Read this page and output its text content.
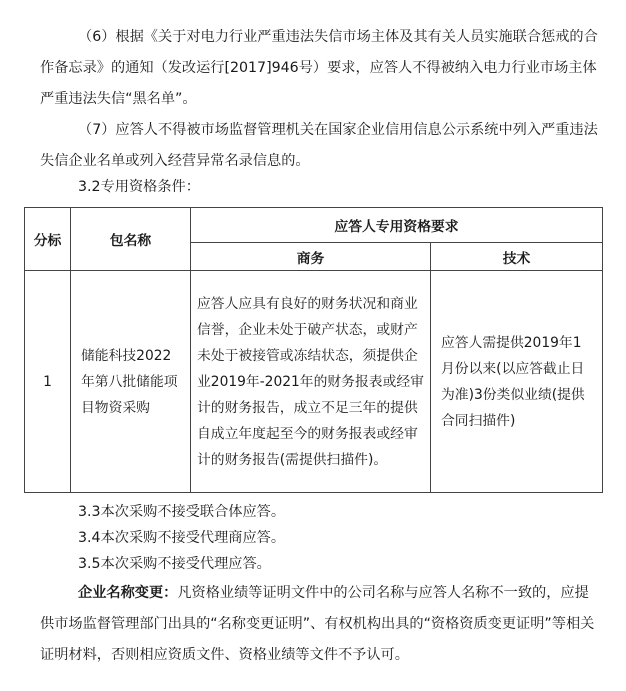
（6）根据《关于对电力行业严重违法失信市场主体及其有关人员实施联合惩戒的合作备忘录》的通知（发改运行[2017]946号）要求，应答人不得被纳入电力行业市场主体严重违法失信“黑名单”。

（7）应答人不得被市场监督管理机关在国家企业信用信息公示系统中列入严重违法失信企业名单或列入经营异常名录信息的。

3.2专用资格条件：

分标	包名称	应答人专用资格要求	
		商务	技术
1	储能科技2022年第八批储能项目物资采购	应答人应具有良好的财务状况和商业信誉，企业未处于破产状态，或财产未处于被接管或冻结状态，须提供企业2019年-2021年的财务报表或经审计的财务报告，成立不足三年的提供自成立年度起至今的财务报表或经审计的财务报告(需提供扫描件)。	应答人需提供2019年1月份以来(以应答截止日为准)3份类似业绩(提供合同扫描件)

3.3本次采购不接受联合体应答。

3.4本次采购不接受代理商应答。

3.5本次采购不接受代理应答。

企业名称变更：凡资格业绩等证明文件中的公司名称与应答人名称不一致的，应提供市场监督管理部门出具的“名称变更证明”、有权机构出具的“资格资质变更证明”等相关证明材料，否则相应资质文件、资格业绩等文件不予认可。
